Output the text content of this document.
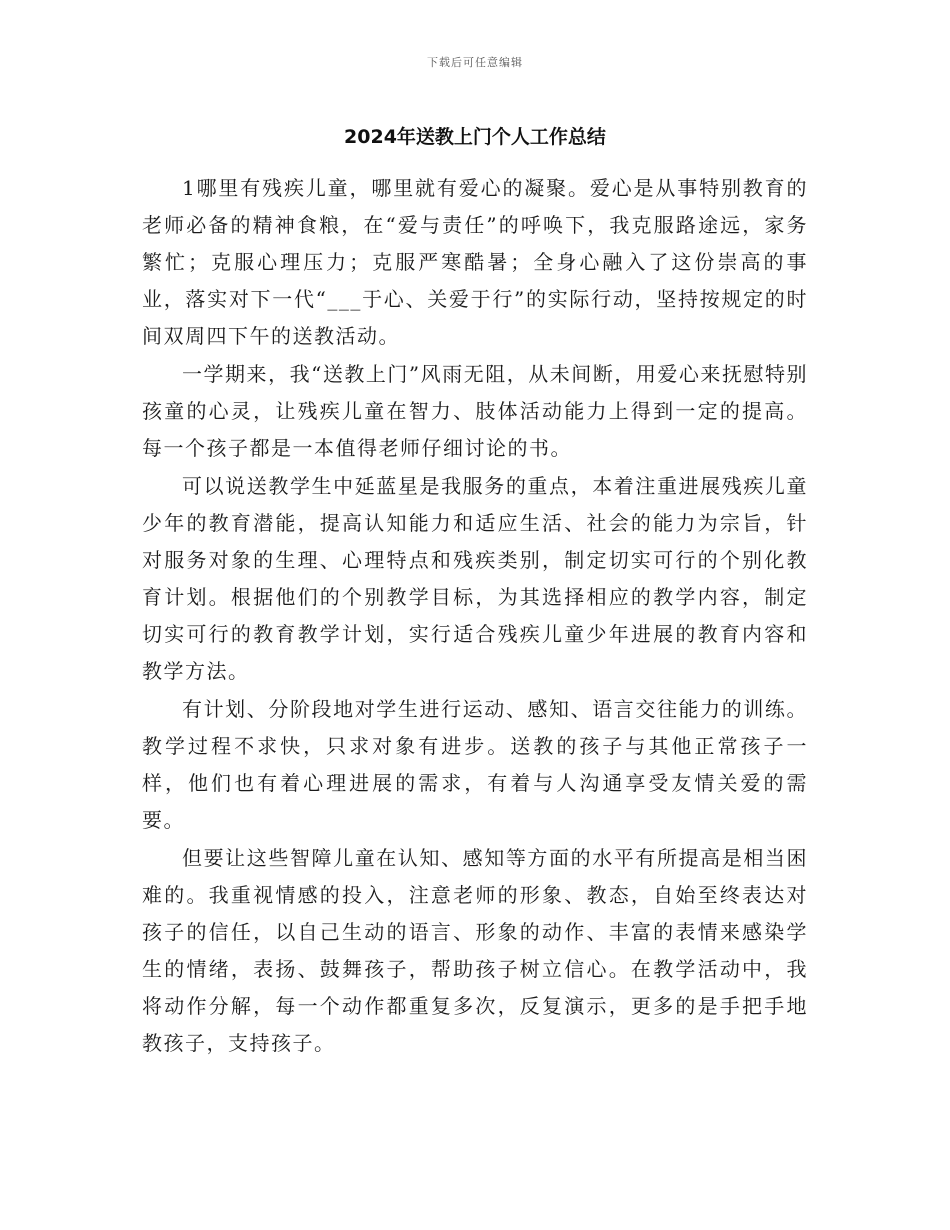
下载后可任意编辑
2024年送教上门个人工作总结

1哪里有残疾儿童，哪里就有爱心的凝聚。爱心是从事特别教育的老师必备的精神食粮，在“爱与责任”的呼唤下，我克服路途远，家务繁忙；克服心理压力；克服严寒酷暑；全身心融入了这份崇高的事业，落实对下一代“___于心、关爱于行”的实际行动，坚持按规定的时间双周四下午的送教活动。

一学期来，我“送教上门”风雨无阻，从未间断，用爱心来抚慰特别孩童的心灵，让残疾儿童在智力、肢体活动能力上得到一定的提高。每一个孩子都是一本值得老师仔细讨论的书。

可以说送教学生中延蓝星是我服务的重点，本着注重进展残疾儿童少年的教育潜能，提高认知能力和适应生活、社会的能力为宗旨，针对服务对象的生理、心理特点和残疾类别，制定切实可行的个别化教育计划。根据他们的个别教学目标，为其选择相应的教学内容，制定切实可行的教育教学计划，实行适合残疾儿童少年进展的教育内容和教学方法。

有计划、分阶段地对学生进行运动、感知、语言交往能力的训练。教学过程不求快，只求对象有进步。送教的孩子与其他正常孩子一样，他们也有着心理进展的需求，有着与人沟通享受友情关爱的需要。

但要让这些智障儿童在认知、感知等方面的水平有所提高是相当困难的。我重视情感的投入，注意老师的形象、教态，自始至终表达对孩子的信任，以自己生动的语言、形象的动作、丰富的表情来感染学生的情绪，表扬、鼓舞孩子，帮助孩子树立信心。在教学活动中，我将动作分解，每一个动作都重复多次，反复演示，更多的是手把手地教孩子，支持孩子。
